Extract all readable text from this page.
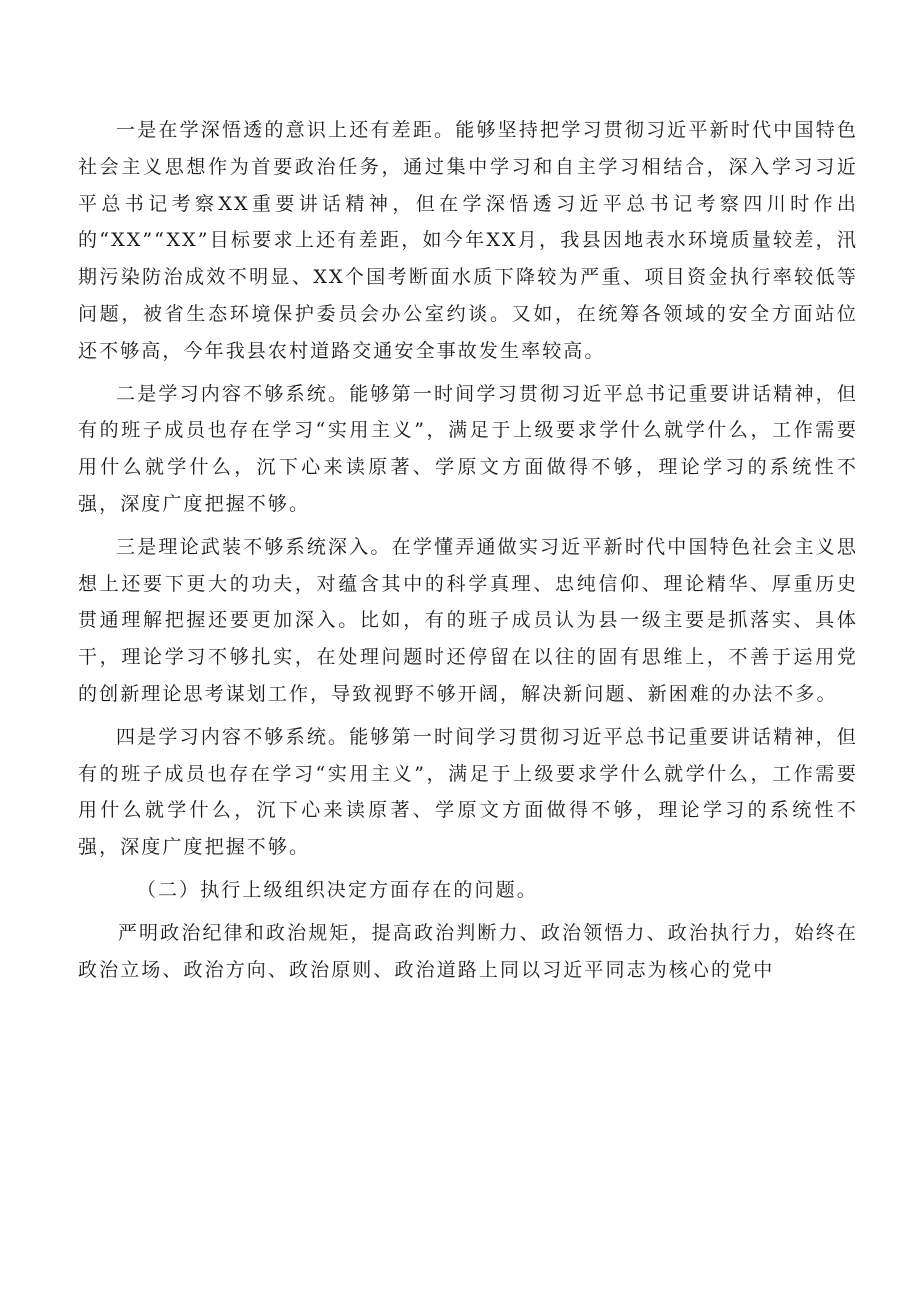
一是在学深悟透的意识上还有差距。能够坚持把学习贯彻习近平新时代中国特色社会主义思想作为首要政治任务，通过集中学习和自主学习相结合，深入学习习近平总书记考察XX重要讲话精神，但在学深悟透习近平总书记考察四川时作出的“XX”“XX”目标要求上还有差距，如今年XX月，我县因地表水环境质量较差，汛期污染防治成效不明显、XX个国考断面水质下降较为严重、项目资金执行率较低等问题，被省生态环境保护委员会办公室约谈。又如，在统筹各领域的安全方面站位还不够高，今年我县农村道路交通安全事故发生率较高。

二是学习内容不够系统。能够第一时间学习贯彻习近平总书记重要讲话精神，但有的班子成员也存在学习“实用主义”，满足于上级要求学什么就学什么，工作需要用什么就学什么，沉下心来读原著、学原文方面做得不够，理论学习的系统性不强，深度广度把握不够。

三是理论武装不够系统深入。在学懂弄通做实习近平新时代中国特色社会主义思想上还要下更大的功夫，对蕴含其中的科学真理、忠纯信仰、理论精华、厚重历史贯通理解把握还要更加深入。比如，有的班子成员认为县一级主要是抓落实、具体干，理论学习不够扎实，在处理问题时还停留在以往的固有思维上，不善于运用党的创新理论思考谋划工作，导致视野不够开阔，解决新问题、新困难的办法不多。

四是学习内容不够系统。能够第一时间学习贯彻习近平总书记重要讲话精神，但有的班子成员也存在学习“实用主义”，满足于上级要求学什么就学什么，工作需要用什么就学什么，沉下心来读原著、学原文方面做得不够，理论学习的系统性不强，深度广度把握不够。

（二）执行上级组织决定方面存在的问题。

严明政治纪律和政治规矩，提高政治判断力、政治领悟力、政治执行力，始终在政治立场、政治方向、政治原则、政治道路上同以习近平同志为核心的党中
